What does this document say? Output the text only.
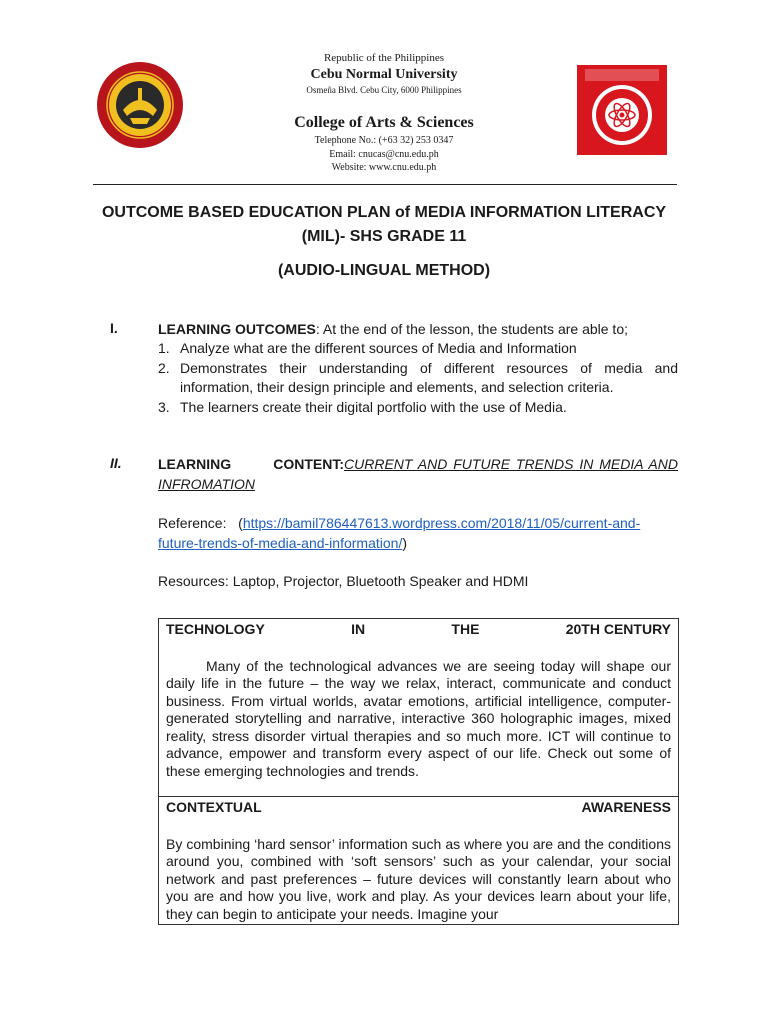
Republic of the Philippines
Cebu Normal University
Osmeña Blvd. Cebu City, 6000 Philippines
College of Arts & Sciences
Telephone No.: (+63 32) 253 0347
Email: cnucas@cnu.edu.ph
Website: www.cnu.edu.ph
OUTCOME BASED EDUCATION PLAN of MEDIA INFORMATION LITERACY (MIL)- SHS GRADE 11
(AUDIO-LINGUAL METHOD)
I.	LEARNING OUTCOMES: At the end of the lesson, the students are able to;
1. Analyze what are the different sources of Media and Information
2. Demonstrates their understanding of different resources of media and information, their design principle and elements, and selection criteria.
3. The learners create their digital portfolio with the use of Media.
II.	LEARNING CONTENT:CURRENT AND FUTURE TRENDS IN MEDIA AND INFROMATION
Reference: (https://bamil786447613.wordpress.com/2018/11/05/current-and-future-trends-of-media-and-information/)
Resources: Laptop, Projector, Bluetooth Speaker and HDMI
TECHNOLOGY	IN	THE	20TH CENTURY
Many of the technological advances we are seeing today will shape our daily life in the future – the way we relax, interact, communicate and conduct business. From virtual worlds, avatar emotions, artificial intelligence, computer-generated storytelling and narrative, interactive 360 holographic images, mixed reality, stress disorder virtual therapies and so much more. ICT will continue to advance, empower and transform every aspect of our life. Check out some of these emerging technologies and trends.
CONTEXTUAL	AWARENESS
By combining ‘hard sensor’ information such as where you are and the conditions around you, combined with ‘soft sensors’ such as your calendar, your social network and past preferences – future devices will constantly learn about who you are and how you live, work and play. As your devices learn about your life, they can begin to anticipate your needs. Imagine your
